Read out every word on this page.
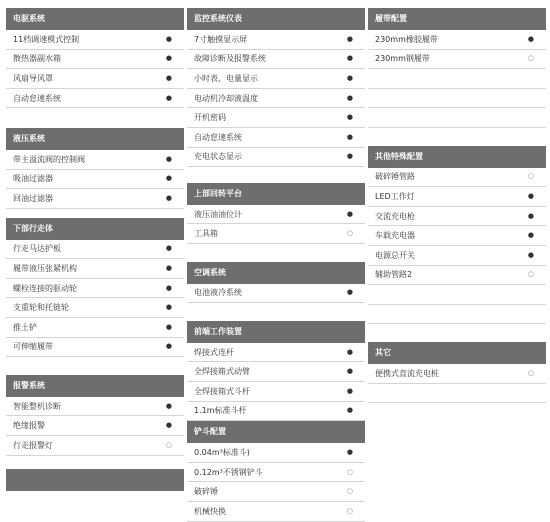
电驱系统
11档调速模式控制	●
散热器副水箱	●
风扇导风罩	●
自动怠速系统	●
液压系统
带主溢流阀的控制阀	●
吸油过滤器	●
回油过滤器	●
下部行走体
行走马达护板	●
履带液压张紧机构	●
螺栓连接的驱动轮	●
支重轮和托链轮	●
推土铲	●
可伸缩履带	●
报警系统
智能整机诊断	●
绝缘报警	●
行走报警灯	○
监控系统仪表
7寸触摸显示屏	●
故障诊断及报警系统	●
小时表、电量显示	●
电动机冷却液温度	●
开机密码	●
自动怠速系统	●
充电状态显示	●
上部回转平台
液压油油位计	●
工具箱	○
空调系统
电池液冷系统	●
前端工作装置
焊接式连杆	●
全焊接箱式动臂	●
全焊接箱式斗杆	●
1.1m标准斗杆	●
铲斗配置
0.04m³标准斗)	●
0.12m³不锈钢铲斗	○
破碎锤	○
机械快换	○
履带配置
230mm橡胶履带	●
230mm钢履带	○
其他特殊配置
破碎锤管路	○
LED工作灯	●
交流充电枪	●
车载充电器	●
电源总开关	●
辅助管路2	○
其它
便携式直流充电桩	○
